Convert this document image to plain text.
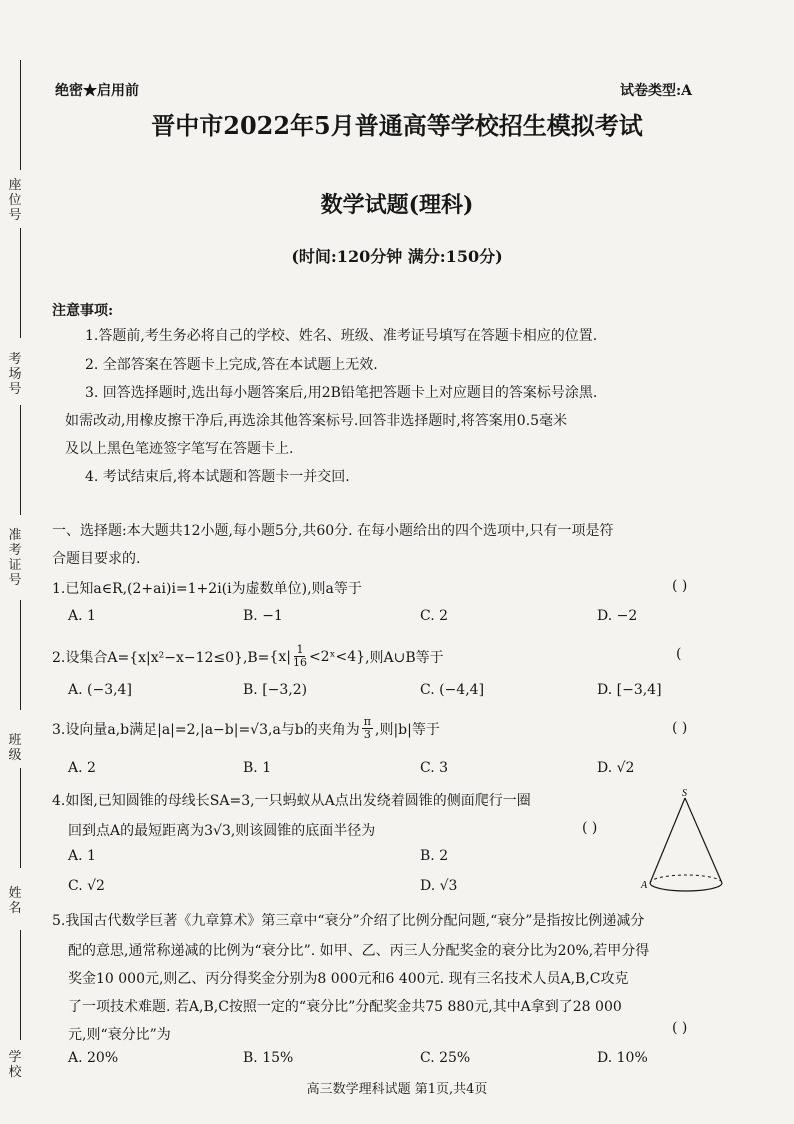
座位号
考场号
准考证号
班级
姓名
学校
绝密★启用前	试卷类型:A
晋中市2022年5月普通高等学校招生模拟考试
数学试题(理科)
(时间:120分钟 满分:150分)
注意事项:
1.答题前,考生务必将自己的学校、姓名、班级、准考证号填写在答题卡相应的位置.
2. 全部答案在答题卡上完成,答在本试题上无效.
3. 回答选择题时,选出每小题答案后,用2B铅笔把答题卡上对应题目的答案标号涂黑.
如需改动,用橡皮擦干净后,再选涂其他答案标号.回答非选择题时,将答案用0.5毫米
及以上黑色笔迹签字笔写在答题卡上.
4. 考试结束后,将本试题和答题卡一并交回.
一、选择题:本大题共12小题,每小题5分,共60分. 在每小题给出的四个选项中,只有一项是符
合题目要求的.
1.已知a∈R,(2+ai)i=1+2i(i为虚数单位),则a等于	( )
A. 1	B. −1	C. 2	D. −2
2.设集合$A=\{x|x^2-x-12\le 0\},B= \{x| \frac{1}{16}$ <2ˣ<4} ,则A∪B等于	(
A. (−3,4]	B. [−3,2)	C. (−4,4]	D. [−3,4]
3.设向量a,b满足|a|=2,|a−b|=√3,a与b的夹角为 $\frac{\pi}{3}$ ,则|b|等于	( )
A. 2	B. 1	C. 3	D. √2
4.如图,已知圆锥的母线长SA=3,一只蚂蚁从A点出发绕着圆锥的侧面爬行一圈
回到点A的最短距离为3√3,则该圆锥的底面半径为	( )
A. 1	B. 2
C. √2	D. √3
S
A
5.我国古代数学巨著《九章算术》第三章中“衰分”介绍了比例分配问题,“衰分”是指按比例递减分
配的意思,通常称递减的比例为“衰分比”. 如甲、乙、丙三人分配奖金的衰分比为20%,若甲分得
奖金10 000元,则乙、丙分得奖金分别为8 000元和6 400元. 现有三名技术人员A,B,C攻克
了一项技术难题. 若A,B,C按照一定的“衰分比”分配奖金共75 880元,其中A拿到了28 000
元,则“衰分比”为	( )
A. 20%	B. 15%	C. 25%	D. 10%
高三数学理科试题 第1页,共4页
